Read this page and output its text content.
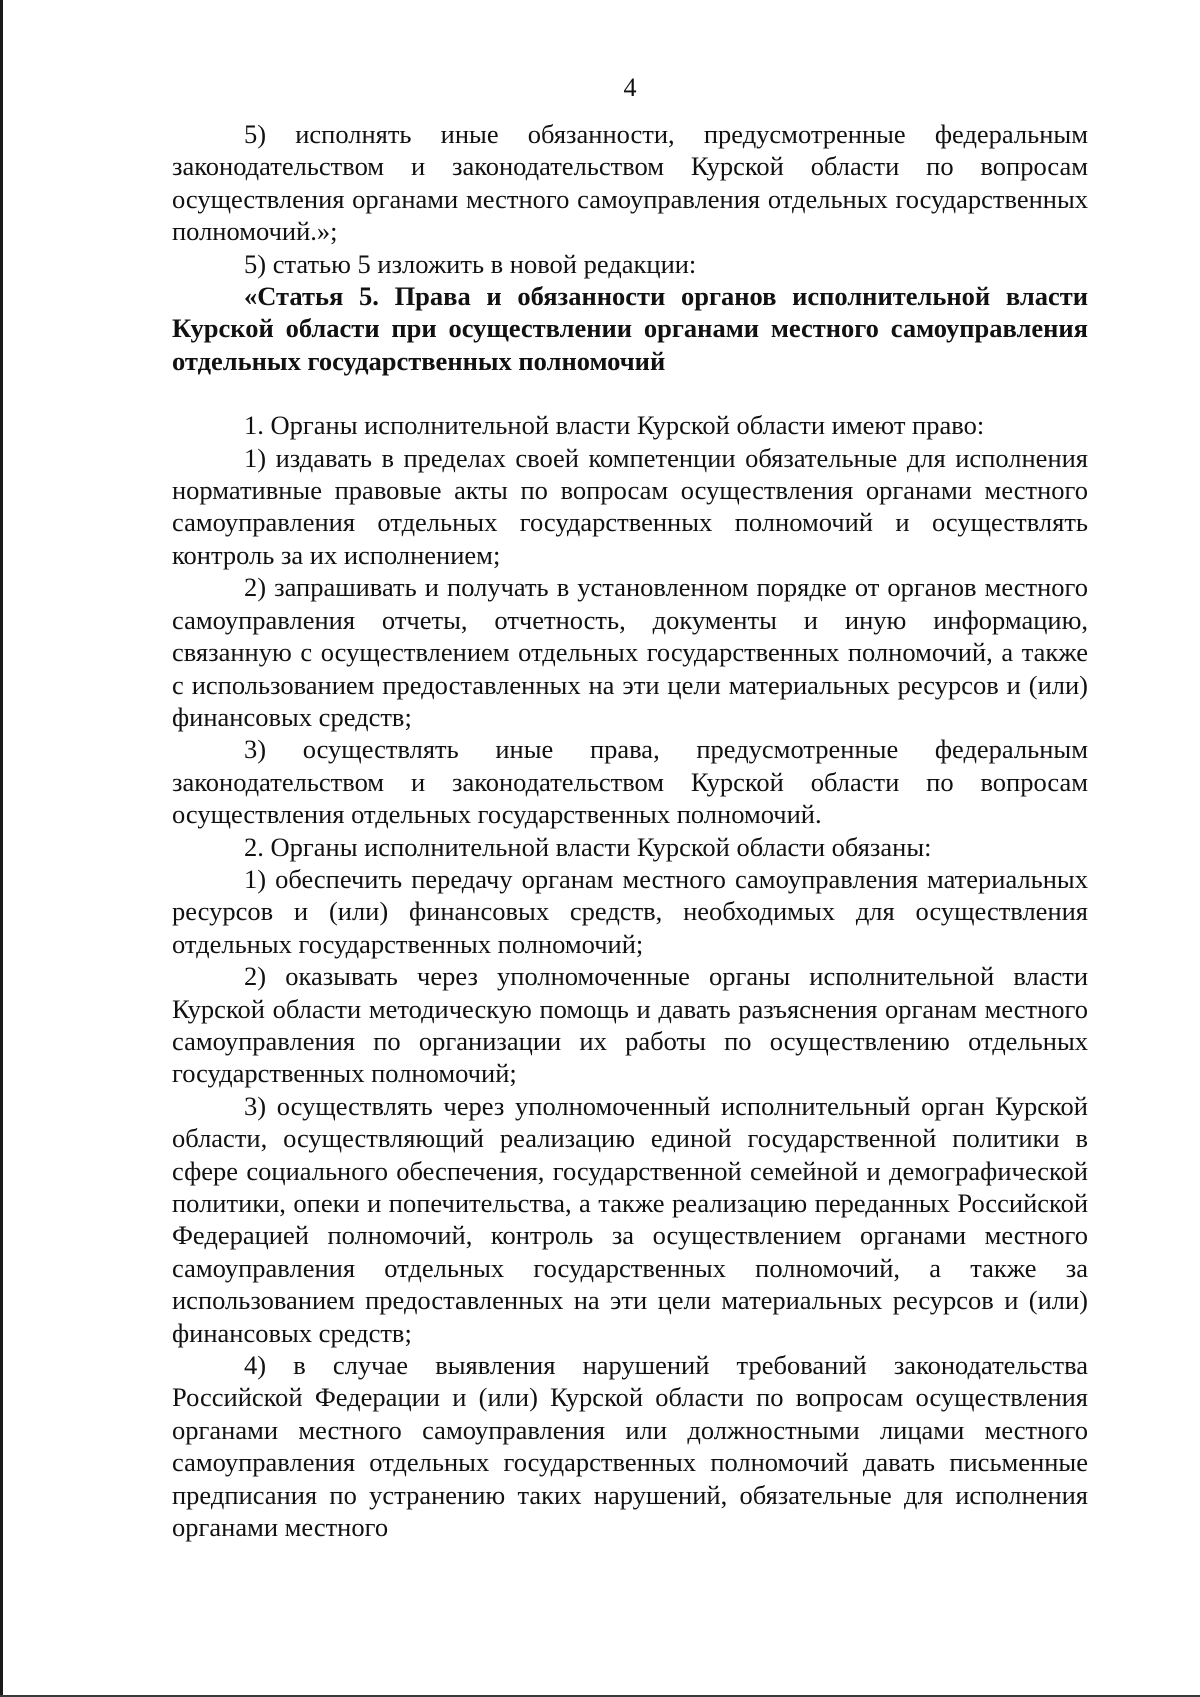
4

5) исполнять иные обязанности, предусмотренные федеральным законодательством и законодательством Курской области по вопросам осуществления органами местного самоуправления отдельных государственных полномочий.»;

5) статью 5 изложить в новой редакции:

«Статья 5. Права и обязанности органов исполнительной власти Курской области при осуществлении органами местного самоуправления отдельных государственных полномочий

1. Органы исполнительной власти Курской области имеют право:

1) издавать в пределах своей компетенции обязательные для исполнения нормативные правовые акты по вопросам осуществления органами местного самоуправления отдельных государственных полномочий и осуществлять контроль за их исполнением;

2) запрашивать и получать в установленном порядке от органов местного самоуправления отчеты, отчетность, документы и иную информацию, связанную с осуществлением отдельных государственных полномочий, а также с использованием предоставленных на эти цели материальных ресурсов и (или) финансовых средств;

3) осуществлять иные права, предусмотренные федеральным законодательством и законодательством Курской области по вопросам осуществления отдельных государственных полномочий.

2. Органы исполнительной власти Курской области обязаны:

1) обеспечить передачу органам местного самоуправления материальных ресурсов и (или) финансовых средств, необходимых для осуществления отдельных государственных полномочий;

2) оказывать через уполномоченные органы исполнительной власти Курской области методическую помощь и давать разъяснения органам местного самоуправления по организации их работы по осуществлению отдельных государственных полномочий;

3) осуществлять через уполномоченный исполнительный орган Курской области, осуществляющий реализацию единой государственной политики в сфере социального обеспечения, государственной семейной и демографической политики, опеки и попечительства, а также реализацию переданных Российской Федерацией полномочий, контроль за осуществлением органами местного самоуправления отдельных государственных полномочий, а также за использованием предоставленных на эти цели материальных ресурсов и (или) финансовых средств;

4) в случае выявления нарушений требований законодательства Российской Федерации и (или) Курской области по вопросам осуществления органами местного самоуправления или должностными лицами местного самоуправления отдельных государственных полномочий давать письменные предписания по устранению таких нарушений, обязательные для исполнения органами местного
